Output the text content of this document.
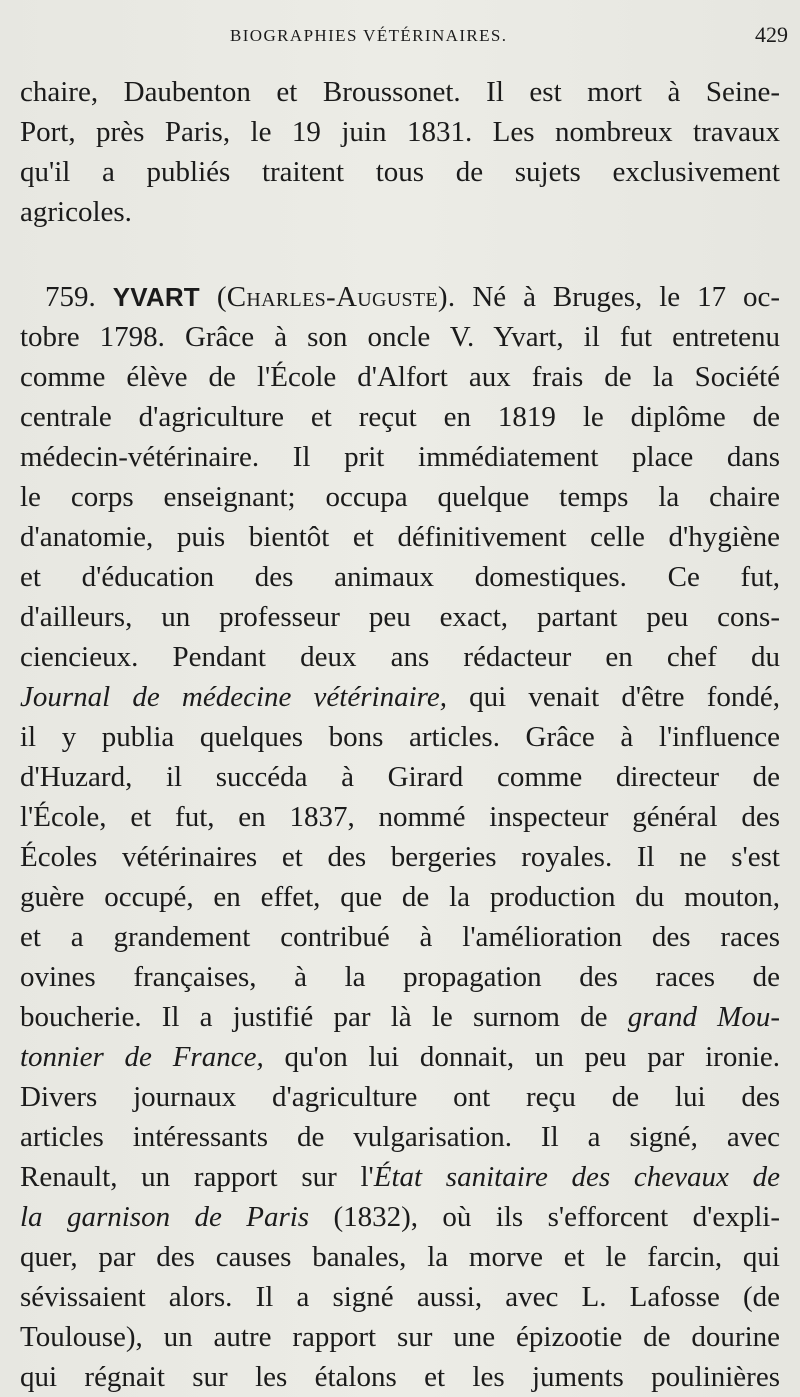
BIOGRAPHIES VÉTÉRINAIRES.	429
chaire, Daubenton et Broussonet. Il est mort à Seine-
Port, près Paris, le 19 juin 1831. Les nombreux travaux
qu'il a publiés traitent tous de sujets exclusivement
agricoles.
759. YVART (Charles-Auguste). Né à Bruges, le 17 oc-
tobre 1798. Grâce à son oncle V. Yvart, il fut entretenu
comme élève de l'École d'Alfort aux frais de la Société
centrale d'agriculture et reçut en 1819 le diplôme de
médecin-vétérinaire. Il prit immédiatement place dans
le corps enseignant; occupa quelque temps la chaire
d'anatomie, puis bientôt et définitivement celle d'hygiène
et d'éducation des animaux domestiques. Ce fut,
d'ailleurs, un professeur peu exact, partant peu cons-
ciencieux. Pendant deux ans rédacteur en chef du
Journal de médecine vétérinaire, qui venait d'être fondé,
il y publia quelques bons articles. Grâce à l'influence
d'Huzard, il succéda à Girard comme directeur de
l'École, et fut, en 1837, nommé inspecteur général des
Écoles vétérinaires et des bergeries royales. Il ne s'est
guère occupé, en effet, que de la production du mouton,
et a grandement contribué à l'amélioration des races
ovines françaises, à la propagation des races de
boucherie. Il a justifié par là le surnom de grand Mou-
tonnier de France, qu'on lui donnait, un peu par ironie.
Divers journaux d'agriculture ont reçu de lui des
articles intéressants de vulgarisation. Il a signé, avec
Renault, un rapport sur l'État sanitaire des chevaux de
la garnison de Paris (1832), où ils s'efforcent d'expli-
quer, par des causes banales, la morve et le farcin, qui
sévissaient alors. Il a signé aussi, avec L. Lafosse (de
Toulouse), un autre rapport sur une épizootie de dourine
qui régnait sur les étalons et les juments poulinières
